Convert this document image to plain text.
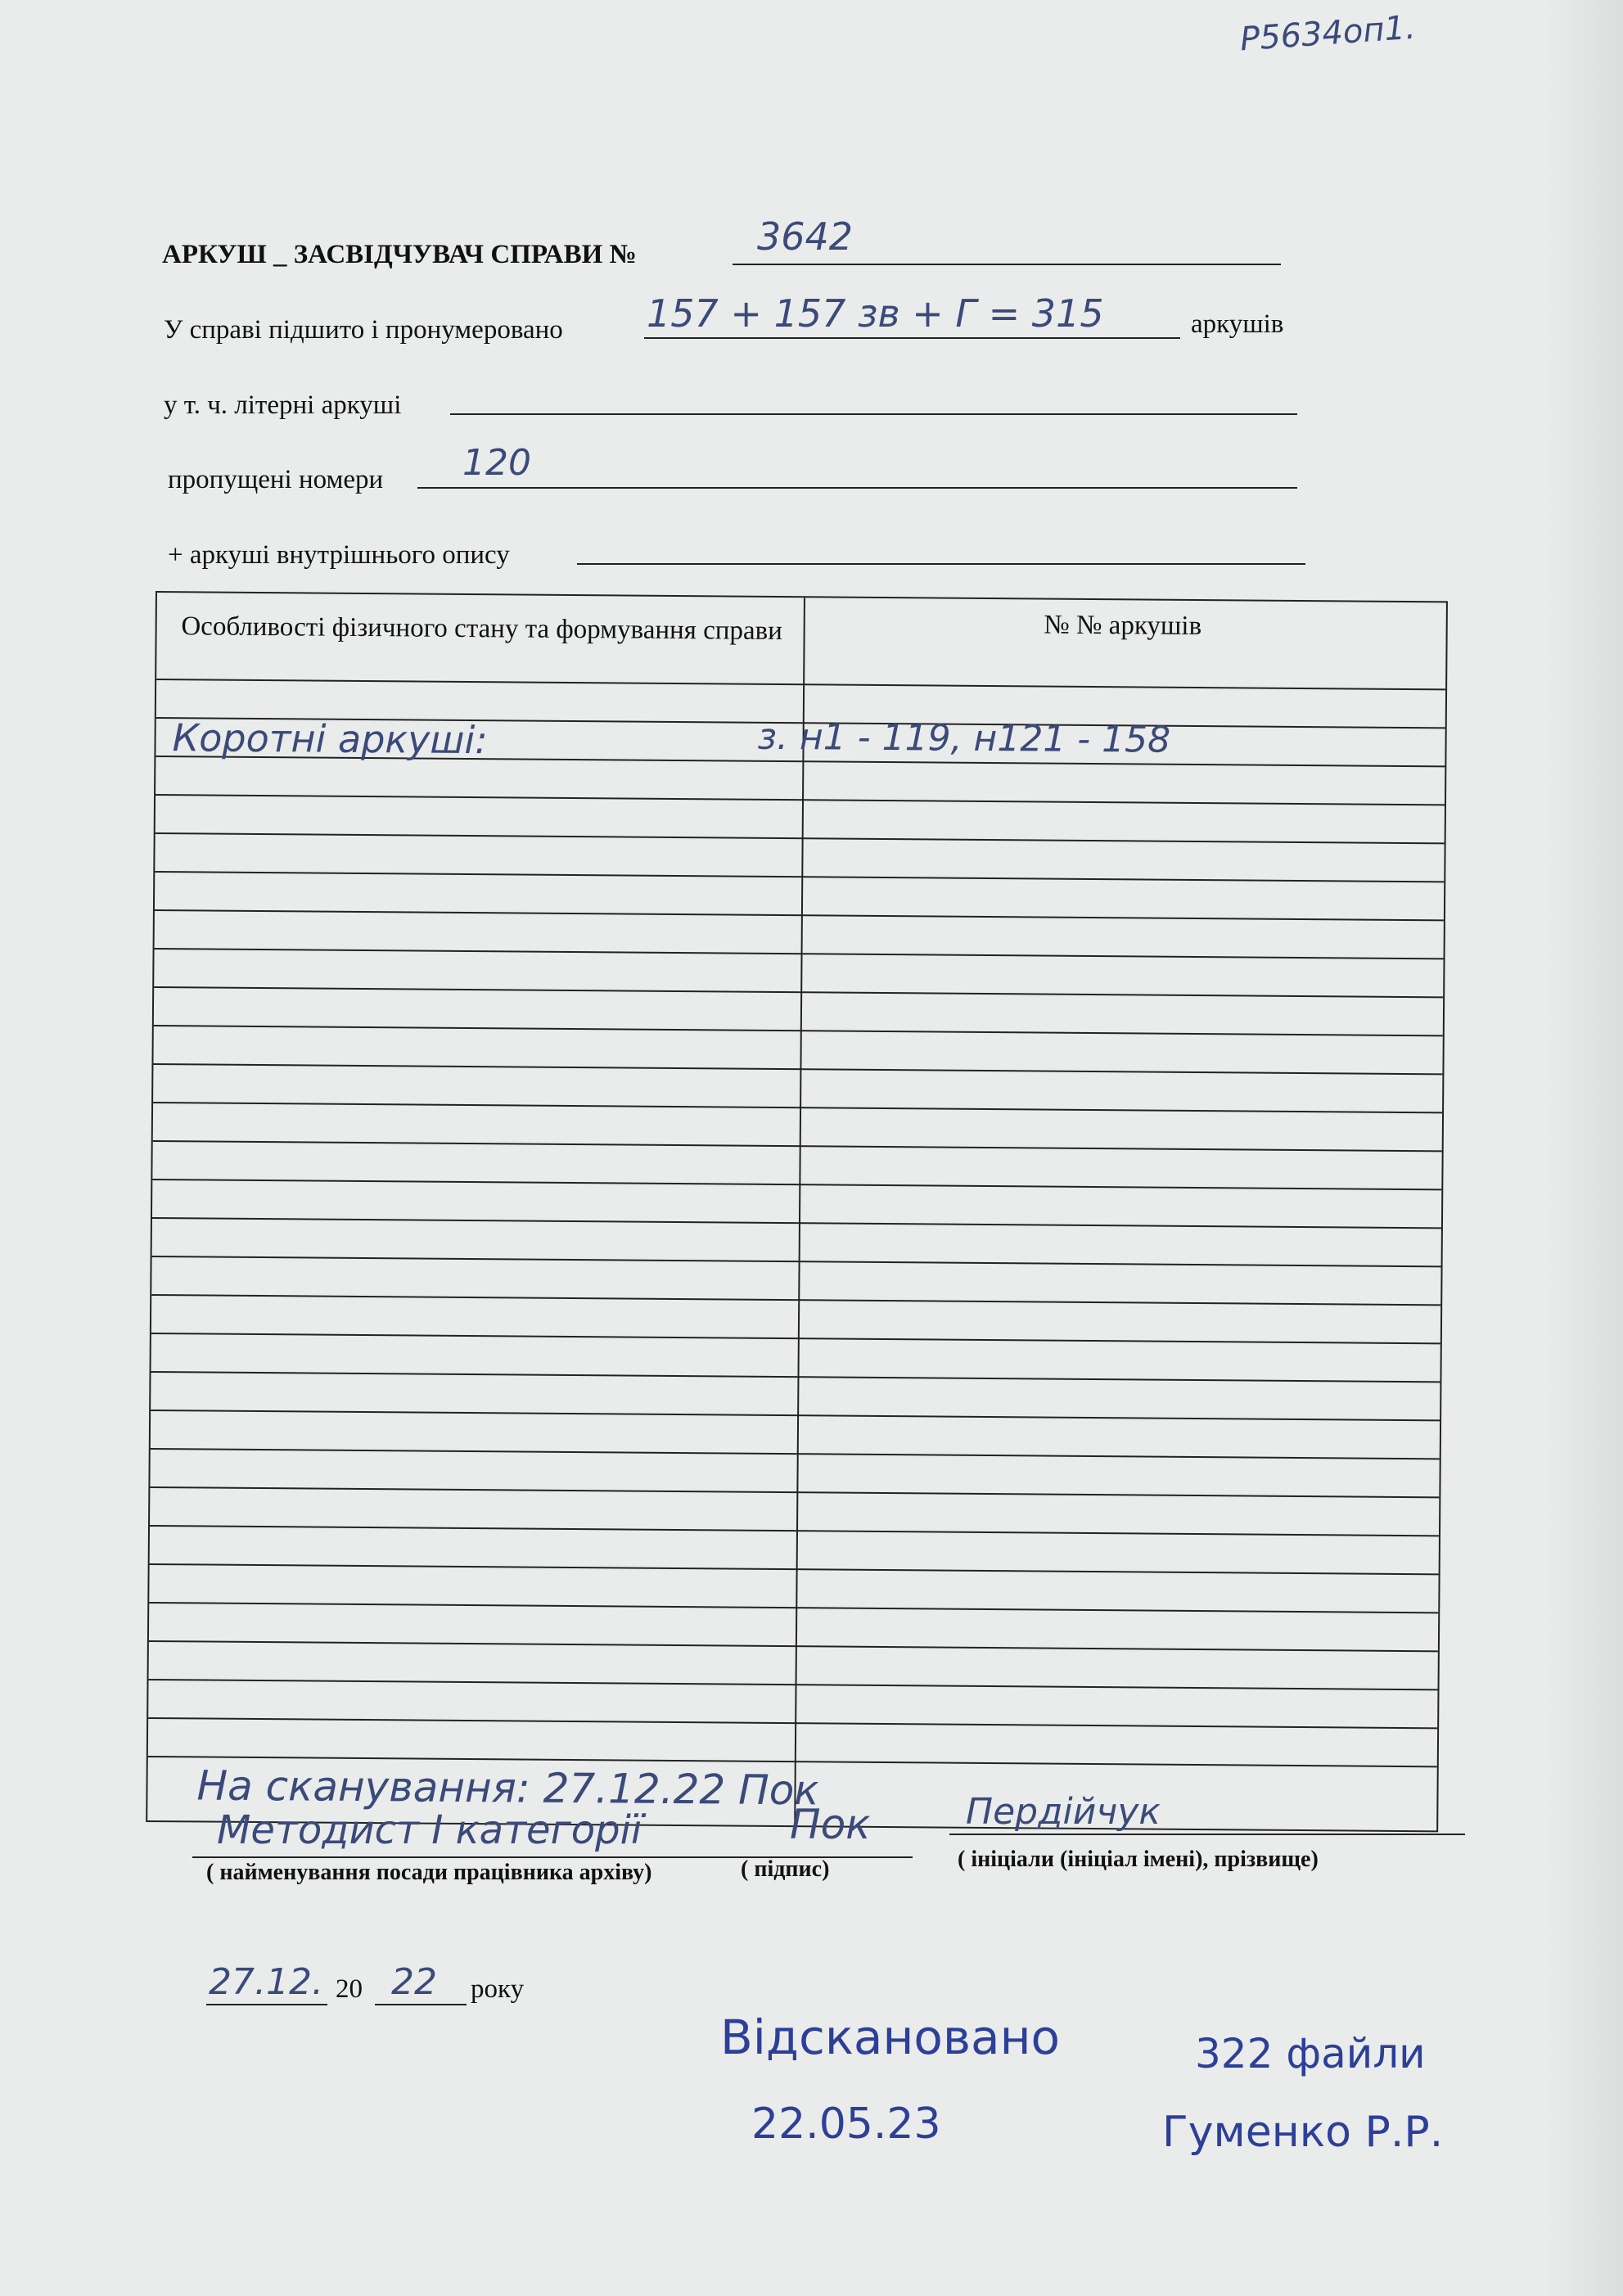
Р5634оп1.
АРКУШ _ ЗАСВІДЧУВАЧ СПРАВИ №	3642
У справі підшито і пронумеровано 157 + 157 зв + Г = 315	аркушів
у т. ч. літерні аркуші
пропущені номери 120
+ аркуші внутрішнього опису
Особливості фізичного стану та формування справи	№ № аркушів
Коротні аркуші:	з. н1 - 119, н121 - 158
На сканування: 27.12.22 Пок
Методист І категорії	Пок	Пердійчук
( найменування посади працівника архіву)	( підпис)	( ініціали (ініціал імені), прізвище)
27.12. 20 22 року
Відскановано	322 файли
22.05.23	Гуменко Р.Р.
